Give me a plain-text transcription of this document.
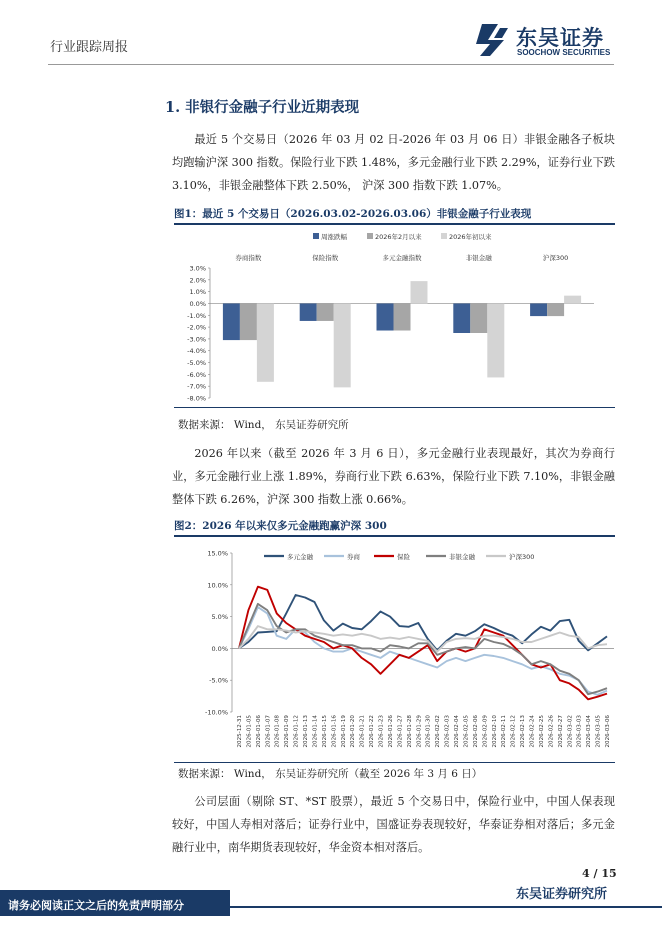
行业跟踪周报	东吴证券
SOOCHOW SECURITIES
1. 非银行金融子行业近期表现

最近 5 个交易日（2026 年 03 月 02 日-2026 年 03 月 06 日）非银金融各子板块均跑输沪深 300 指数。保险行业下跌 1.48%，多元金融行业下跌 2.29%，证券行业下跌 3.10%，非银金融整体下跌 2.50%， 沪深 300 指数下跌 1.07%。

图1：最近 5 个交易日（2026.03.02-2026.03.06）非银金融子行业表现
周涨跌幅	2026年2月以来	2026年初以来
3.0%
2.0%
1.0%
0.0%
-1.0%
-2.0%
-3.0%
-4.0%
-5.0%
-6.0%
-7.0%
-8.0%
券商指数	保险指数	多元金融指数	非银金融	沪深300
数据来源： Wind， 东吴证券研究所

2026 年以来（截至 2026 年 3 月 6 日），多元金融行业表现最好，其次为券商行业，多元金融行业上涨 1.89%，券商行业下跌 6.63%，保险行业下跌 7.10%，非银金融整体下跌 6.26%，沪深 300 指数上涨 0.66%。

图2：2026 年以来仅多元金融跑赢沪深 300
多元金融	券商	保险	非银金融	沪深300
15.0%
10.0%
5.0%
0.0%
-5.0%
-10.0%
2025-12-31 2026-01-05 2026-01-06 2026-01-07 2026-01-08 2026-01-09 2026-01-12 2026-01-13 2026-01-14 2026-01-15 2026-01-16 2026-01-19 2026-01-20 2026-01-21 2026-01-22 2026-01-23 2026-01-26 2026-01-27 2026-01-28 2026-01-29 2026-01-30 2026-02-02 2026-02-03 2026-02-04 2026-02-05 2026-02-06 2026-02-09 2026-02-10 2026-02-11 2026-02-12 2026-02-13 2026-02-24 2026-02-25 2026-02-26 2026-02-27 2026-03-02 2026-03-03 2026-03-04 2026-03-05 2026-03-06
数据来源： Wind， 东吴证券研究所（截至 2026 年 3 月 6 日）

公司层面（剔除 ST、*ST 股票），最近 5 个交易日中，保险行业中，中国人保表现较好，中国人寿相对落后；证券行业中，国盛证券表现较好，华泰证券相对落后；多元金融行业中，南华期货表现较好，华金资本相对落后。

4 / 15
东吴证券研究所
请务必阅读正文之后的免责声明部分
